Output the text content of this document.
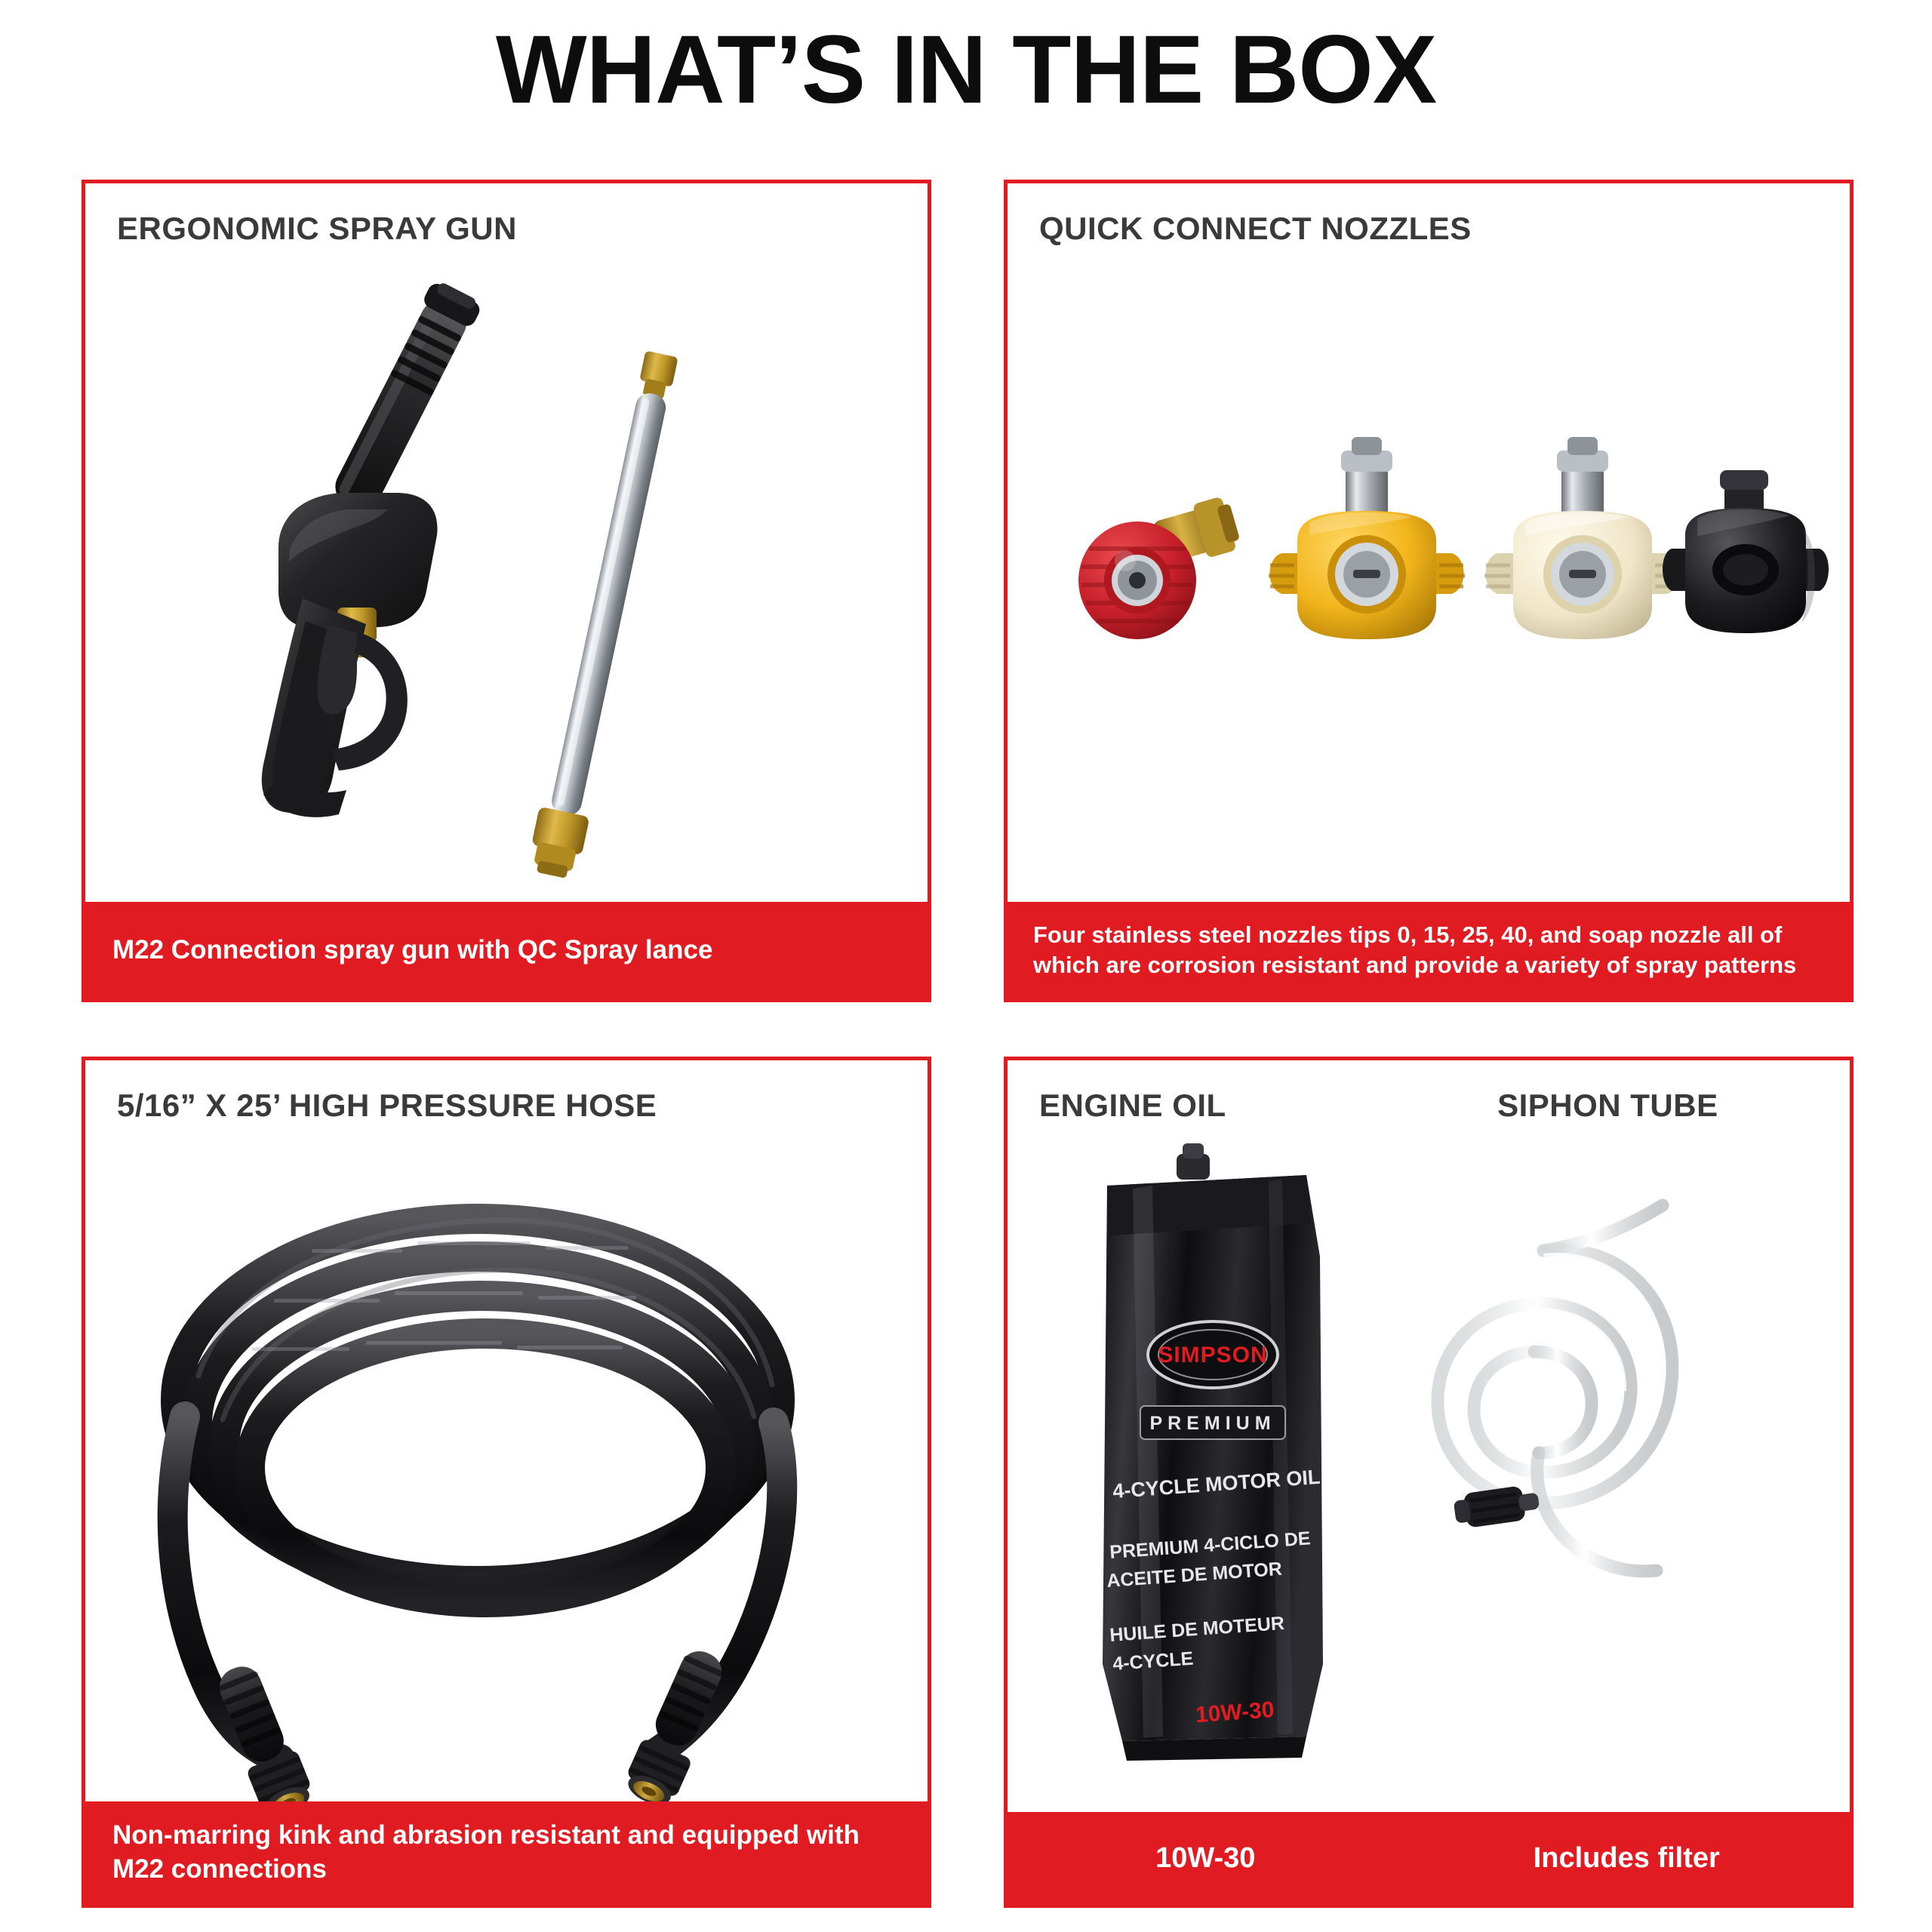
WHAT’S IN THE BOX
ERGONOMIC SPRAY GUN
M22 Connection spray gun with QC Spray lance
QUICK CONNECT NOZZLES
Four stainless steel nozzles tips 0, 15, 25, 40, and soap nozzle all of which are corrosion resistant and provide a variety of spray patterns
5/16” X 25’ HIGH PRESSURE HOSE
Non-marring kink and abrasion resistant and equipped with M22 connections
ENGINE OIL	SIPHON TUBE
SIMPSON
PREMIUM
4-CYCLE MOTOR OIL
PREMIUM 4-CICLO DE
ACEITE DE MOTOR
HUILE DE MOTEUR
4-CYCLE
10W-30
10W-30	Includes filter
